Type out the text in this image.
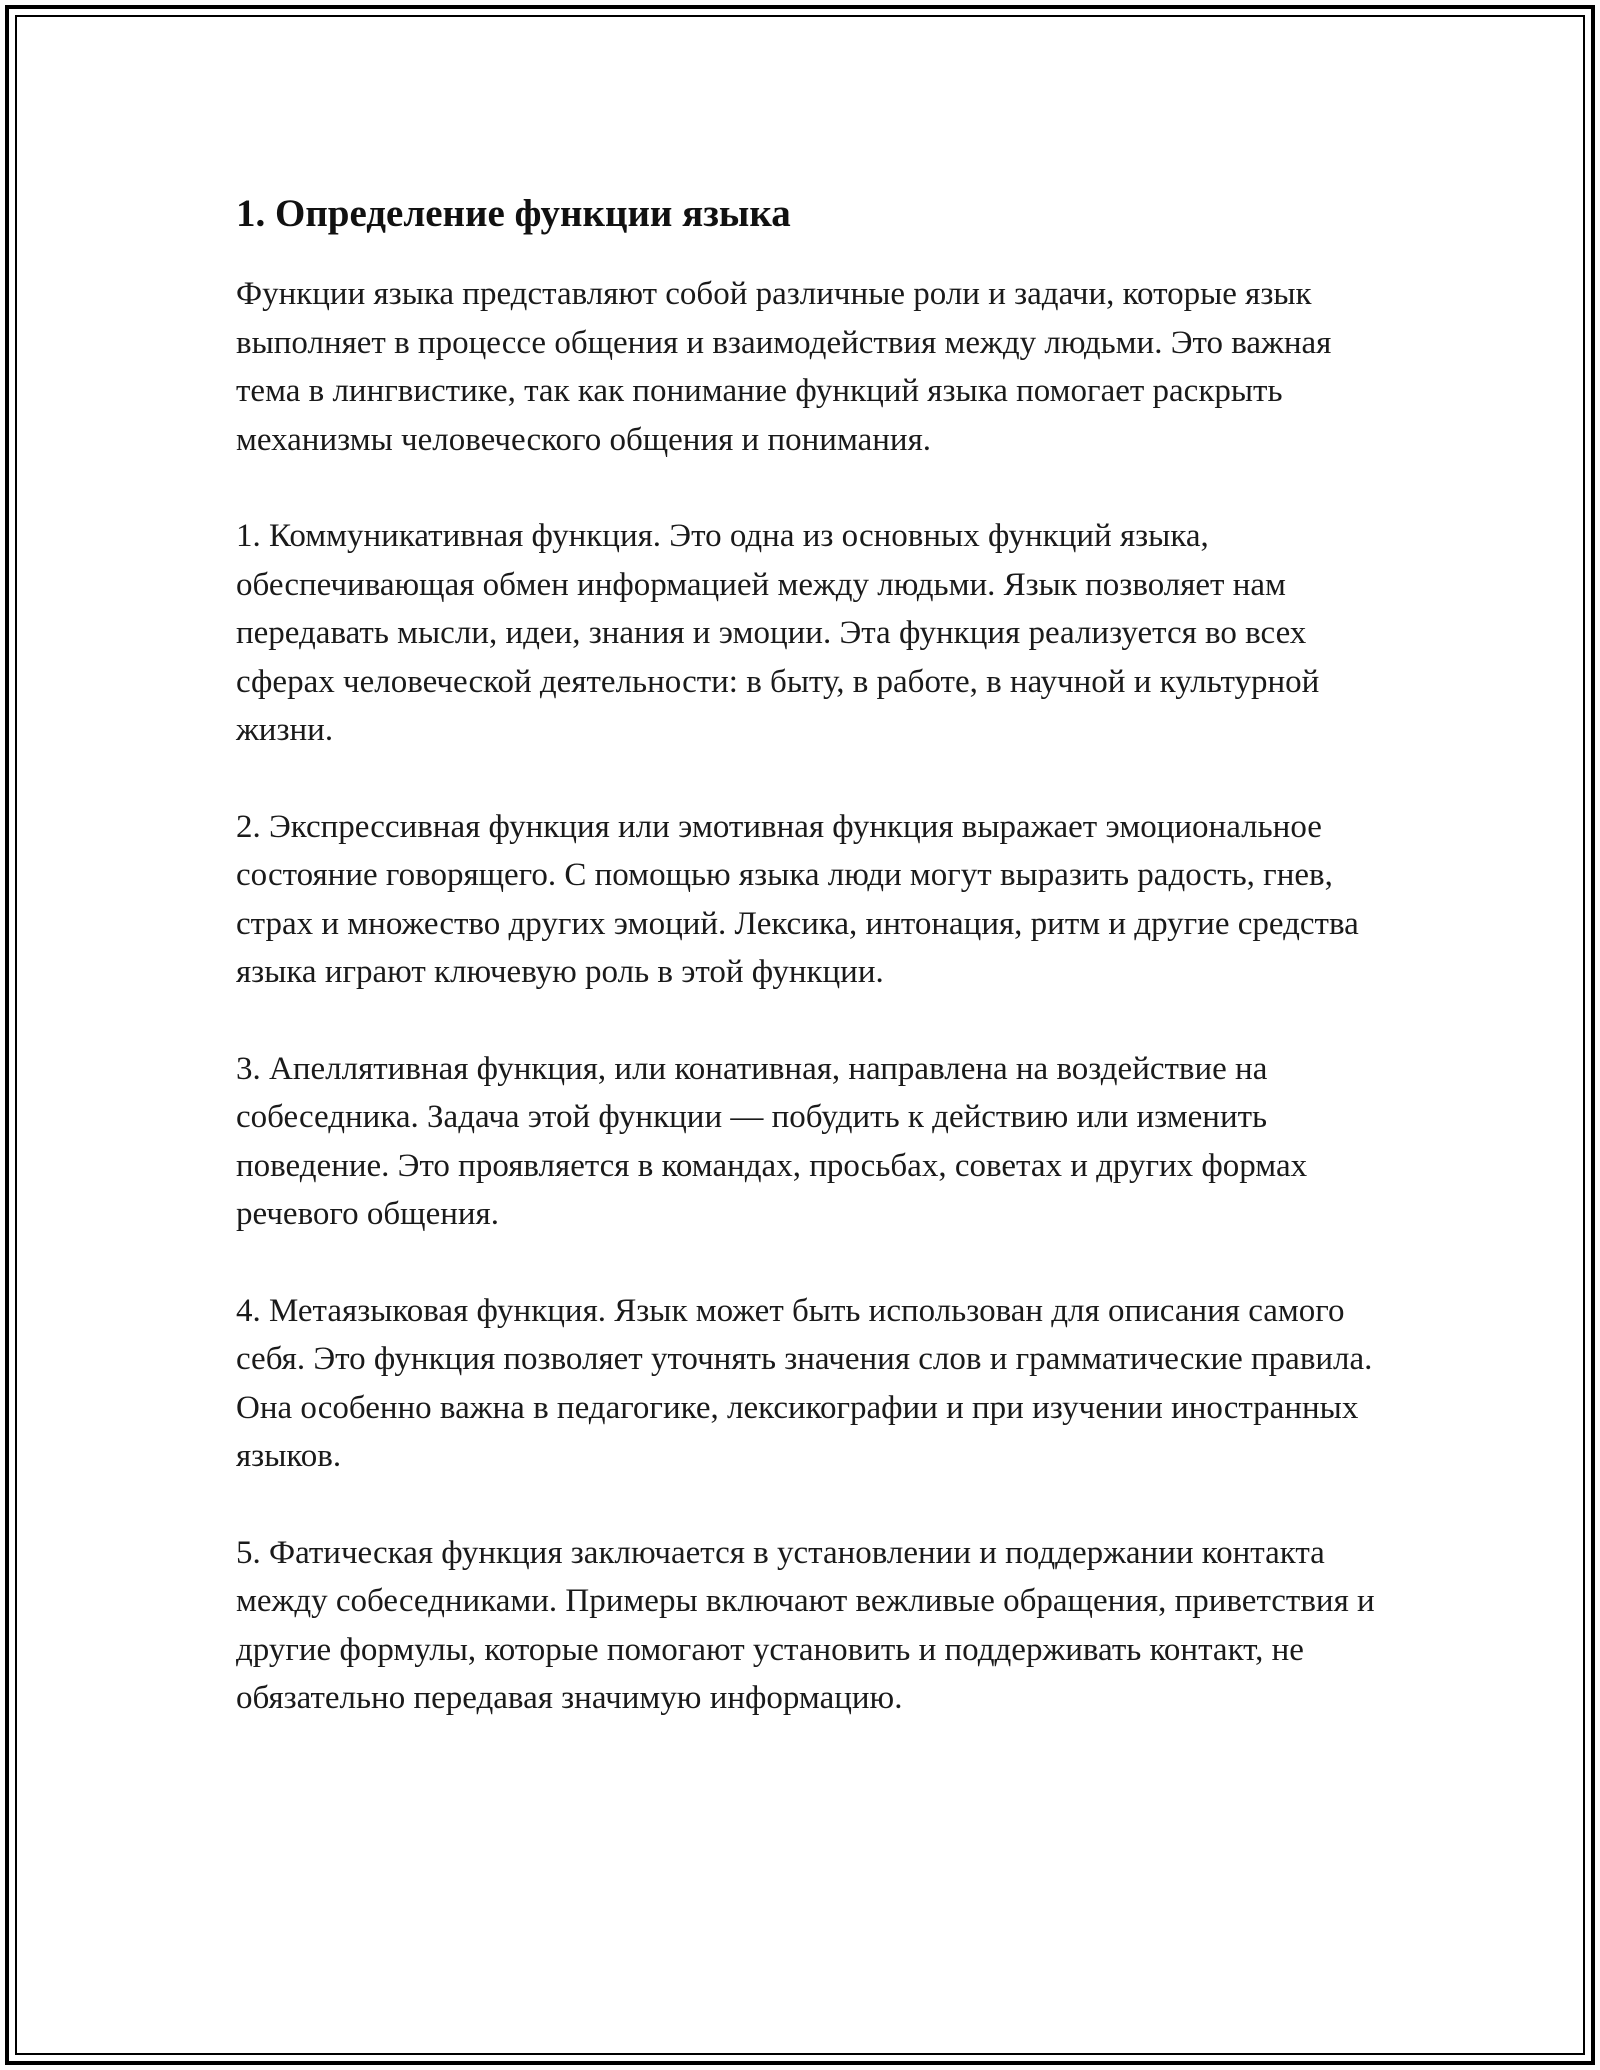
1. Определение функции языка

Функции языка представляют собой различные роли и задачи, которые язык выполняет в процессе общения и взаимодействия между людьми. Это важная тема в лингвистике, так как понимание функций языка помогает раскрыть механизмы человеческого общения и понимания.

1. Коммуникативная функция. Это одна из основных функций языка, обеспечивающая обмен информацией между людьми. Язык позволяет нам передавать мысли, идеи, знания и эмоции. Эта функция реализуется во всех сферах человеческой деятельности: в быту, в работе, в научной и культурной жизни.

2. Экспрессивная функция или эмотивная функция выражает эмоциональное состояние говорящего. С помощью языка люди могут выразить радость, гнев, страх и множество других эмоций. Лексика, интонация, ритм и другие средства языка играют ключевую роль в этой функции.

3. Апеллятивная функция, или конативная, направлена на воздействие на собеседника. Задача этой функции — побудить к действию или изменить поведение. Это проявляется в командах, просьбах, советах и других формах речевого общения.

4. Метаязыковая функция. Язык может быть использован для описания самого себя. Это функция позволяет уточнять значения слов и грамматические правила. Она особенно важна в педагогике, лексикографии и при изучении иностранных языков.

5. Фатическая функция заключается в установлении и поддержании контакта между собеседниками. Примеры включают вежливые обращения, приветствия и другие формулы, которые помогают установить и поддерживать контакт, не обязательно передавая значимую информацию.
